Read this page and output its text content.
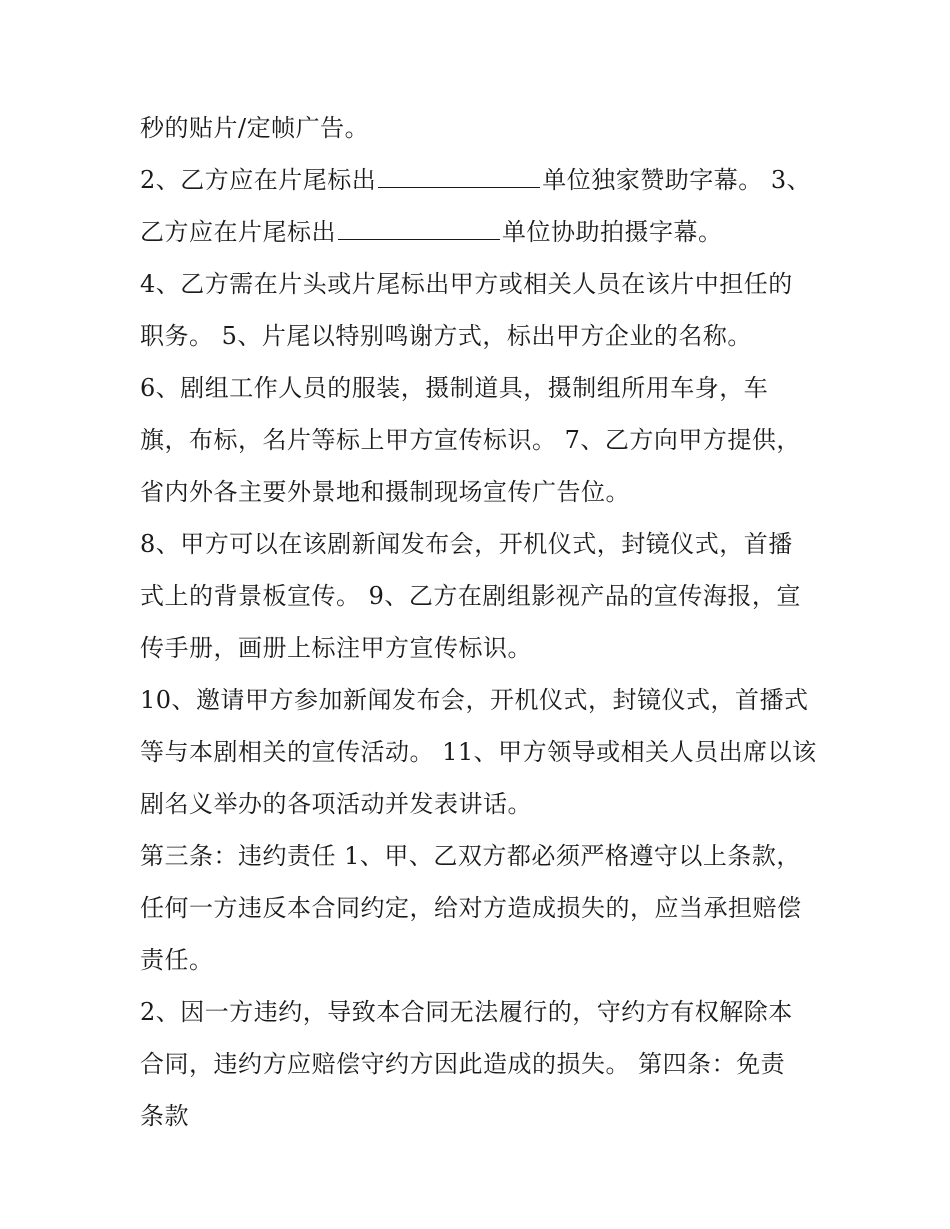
秒的贴片/定帧广告。
2、乙方应在片尾标出	单位独家赞助字幕。 3、
乙方应在片尾标出	单位协助拍摄字幕。
4、乙方需在片头或片尾标出甲方或相关人员在该片中担任的
职务。 5、片尾以特别鸣谢方式，标出甲方企业的名称。
6、剧组工作人员的服装，摄制道具，摄制组所用车身，车
旗，布标，名片等标上甲方宣传标识。 7、乙方向甲方提供，
省内外各主要外景地和摄制现场宣传广告位。
8、甲方可以在该剧新闻发布会，开机仪式，封镜仪式，首播
式上的背景板宣传。 9、乙方在剧组影视产品的宣传海报，宣
传手册，画册上标注甲方宣传标识。
10、邀请甲方参加新闻发布会，开机仪式，封镜仪式，首播式
等与本剧相关的宣传活动。 11、甲方领导或相关人员出席以该
剧名义举办的各项活动并发表讲话。
第三条：违约责任 1、甲、乙双方都必须严格遵守以上条款，
任何一方违反本合同约定，给对方造成损失的，应当承担赔偿
责任。
2、因一方违约，导致本合同无法履行的，守约方有权解除本
合同，违约方应赔偿守约方因此造成的损失。 第四条：免责
条款
